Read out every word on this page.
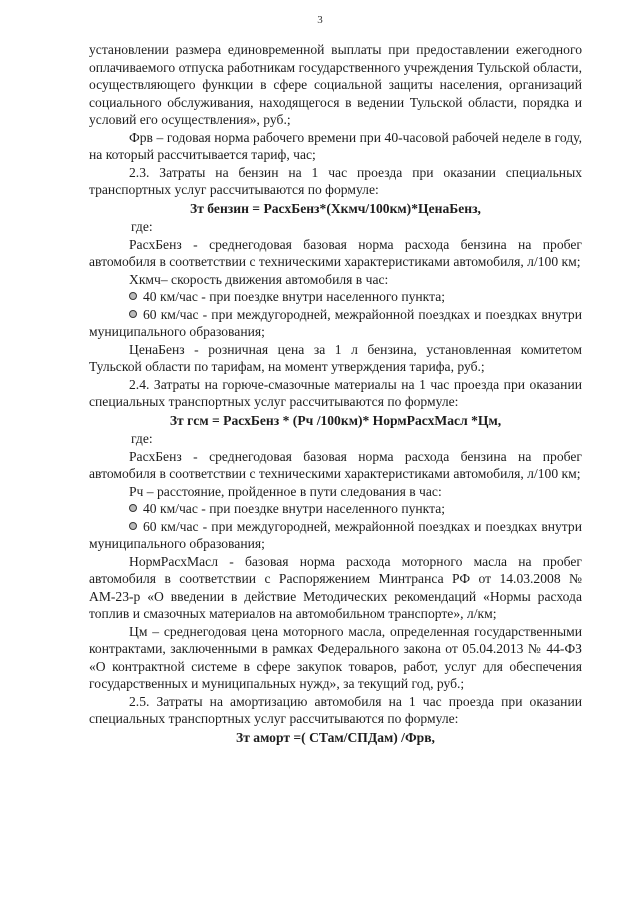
3

установлении размера единовременной выплаты при предоставлении ежегодного оплачиваемого отпуска работникам государственного учреждения Тульской области, осуществляющего функции в сфере социальной защиты населения, организаций социального обслуживания, находящегося в ведении Тульской области, порядка и условий его осуществления», руб.;

Фрв – годовая норма рабочего времени при 40-часовой рабочей неделе в году, на который рассчитывается тариф, час;

2.3. Затраты на бензин на 1 час проезда при оказании специальных транспортных услуг рассчитываются по формуле:

Зт бензин = РасхБенз*(Хкмч/100км)*ЦенаБенз,

где:

РасхБенз - среднегодовая базовая норма расхода бензина на пробег автомобиля в соответствии с техническими характеристиками автомобиля, л/100 км;

Хкмч– скорость движения автомобиля в час:

40 км/час - при поездке внутри населенного пункта;

60 км/час - при междугородней, межрайонной поездках и поездках внутри муниципального образования;

ЦенаБенз - розничная цена за 1 л бензина, установленная комитетом Тульской области по тарифам, на момент утверждения тарифа, руб.;

2.4. Затраты на горюче-смазочные материалы на 1 час проезда при оказании специальных транспортных услуг рассчитываются по формуле:

Зт гсм = РасхБенз * (Рч /100км)* НормРасхМасл *Цм,

где:

РасхБенз - среднегодовая базовая норма расхода бензина на пробег автомобиля в соответствии с техническими характеристиками автомобиля, л/100 км;

Рч – расстояние, пройденное в пути следования в час:

40 км/час - при поездке внутри населенного пункта;

60 км/час - при междугородней, межрайонной поездках и поездках внутри муниципального образования;

НормРасхМасл - базовая норма расхода моторного масла на пробег автомобиля в соответствии с Распоряжением Минтранса РФ от 14.03.2008 № АМ-23-р «О введении в действие Методических рекомендаций «Нормы расхода топлив и смазочных материалов на автомобильном транспорте», л/км;

Цм – среднегодовая цена моторного масла, определенная государственными контрактами, заключенными в рамках Федерального закона от 05.04.2013 № 44-ФЗ «О контрактной системе в сфере закупок товаров, работ, услуг для обеспечения государственных и муниципальных нужд», за текущий год, руб.;

2.5. Затраты на амортизацию автомобиля на 1 час проезда при оказании специальных транспортных услуг рассчитываются по формуле:

Зт аморт =( СТам/СПДам) /Фрв,
